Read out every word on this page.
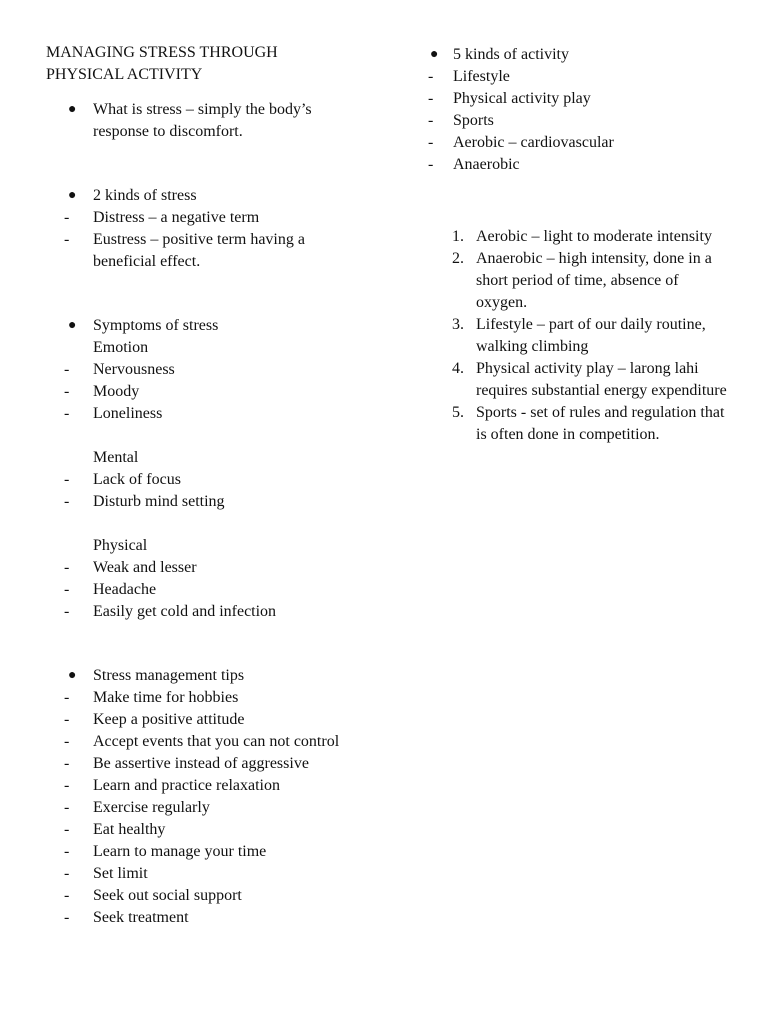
MANAGING STRESS THROUGH
PHYSICAL ACTIVITY
●	What is stress – simply the body’s response to discomfort.
●	2 kinds of stress
-	Distress – a negative term
-	Eustress – positive term having a beneficial effect.
●	Symptoms of stress
Emotion
-	Nervousness
-	Moody
-	Loneliness
Mental
-	Lack of focus
-	Disturb mind setting
Physical
-	Weak and lesser
-	Headache
-	Easily get cold and infection
●	Stress management tips
-	Make time for hobbies
-	Keep a positive attitude
-	Accept events that you can not control
-	Be assertive instead of aggressive
-	Learn and practice relaxation
-	Exercise regularly
-	Eat healthy
-	Learn to manage your time
-	Set limit
-	Seek out social support
-	Seek treatment
● 5 kinds of activity
-	Lifestyle
-	Physical activity play
-	Sports
-	Aerobic – cardiovascular
-	Anaerobic
1. Aerobic – light to moderate intensity
2. Anaerobic – high intensity, done in a short period of time, absence of oxygen.
3. Lifestyle – part of our daily routine, walking climbing
4. Physical activity play – larong lahi requires substantial energy expenditure
5. Sports - set of rules and regulation that is often done in competition.
